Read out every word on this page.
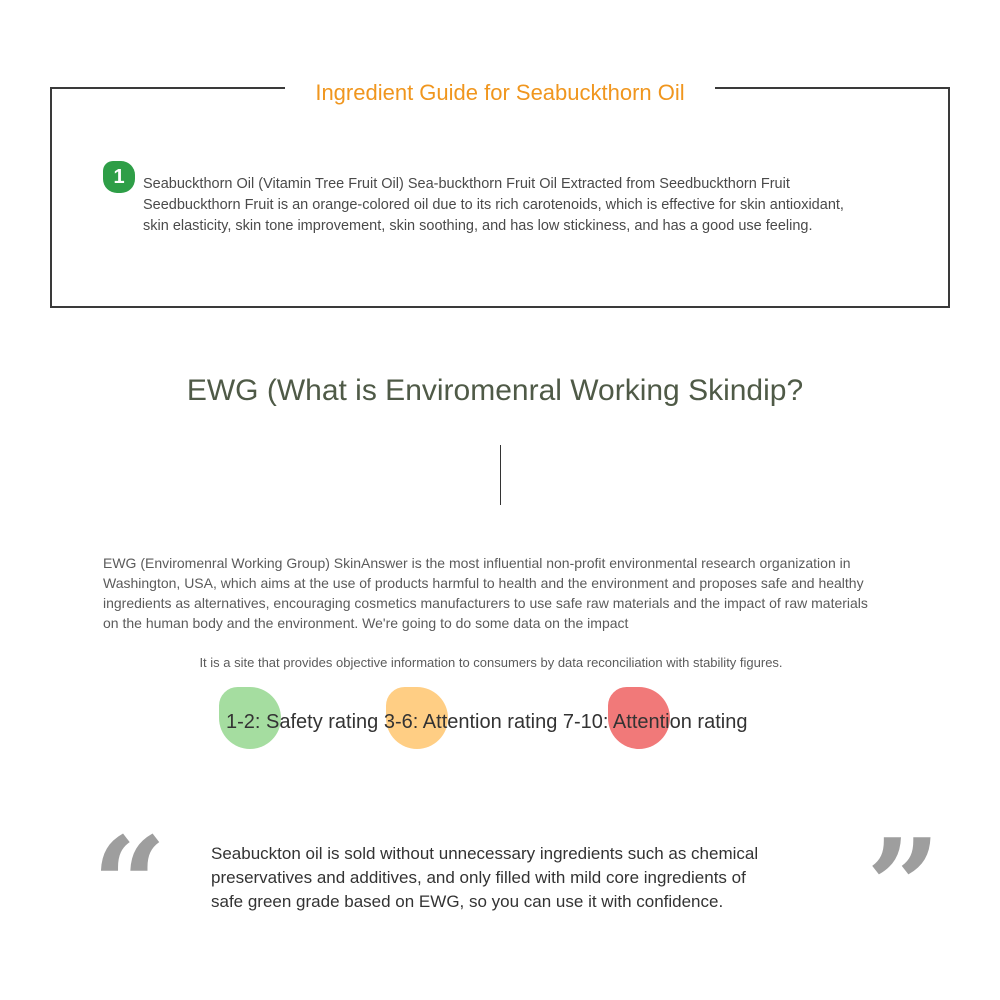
Ingredient Guide for Seabuckthorn Oil
1	Seabuckthorn Oil (Vitamin Tree Fruit Oil) Sea-buckthorn Fruit Oil Extracted from Seedbuckthorn Fruit
Seedbuckthorn Fruit is an orange-colored oil due to its rich carotenoids, which is effective for skin antioxidant,
skin elasticity, skin tone improvement, skin soothing, and has low stickiness, and has a good use feeling.
EWG (What is Enviromenral Working Skindip?
EWG (Enviromenral Working Group) SkinAnswer is the most influential non-profit environmental research organization in
Washington, USA, which aims at the use of products harmful to health and the environment and proposes safe and healthy
ingredients as alternatives, encouraging cosmetics manufacturers to use safe raw materials and the impact of raw materials
on the human body and the environment. We're going to do some data on the impact
It is a site that provides objective information to consumers by data reconciliation with stability figures.
1-2: Safety rating 3-6: Attention rating 7-10: Attention rating
“	Seabuckton oil is sold without unnecessary ingredients such as chemical
preservatives and additives, and only filled with mild core ingredients of
safe green grade based on EWG, so you can use it with confidence.	”
